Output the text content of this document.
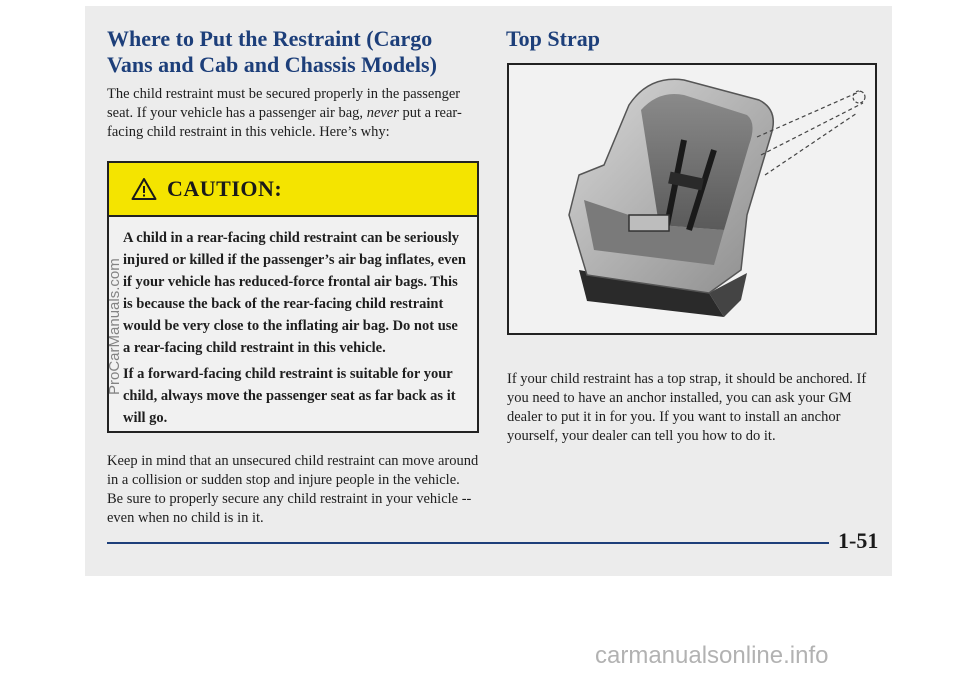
Where to Put the Restraint (Cargo Vans and Cab and Chassis Models)

The child restraint must be secured properly in the passenger seat. If your vehicle has a passenger air bag, never put a rear-facing child restraint in this vehicle. Here’s why:

CAUTION:

A child in a rear-facing child restraint can be seriously injured or killed if the passenger’s air bag inflates, even if your vehicle has reduced-force frontal air bags. This is because the back of the rear-facing child restraint would be very close to the inflating air bag. Do not use a rear-facing child restraint in this vehicle.

If a forward-facing child restraint is suitable for your child, always move the passenger seat as far back as it will go.

Keep in mind that an unsecured child restraint can move around in a collision or sudden stop and injure people in the vehicle. Be sure to properly secure any child restraint in your vehicle -- even when no child is in it.

Top Strap

If your child restraint has a top strap, it should be anchored. If you need to have an anchor installed, you can ask your GM dealer to put it in for you. If you want to install an anchor yourself, your dealer can tell you how to do it.

1-51
ProCarManuals.com
carmanualsonline.info
